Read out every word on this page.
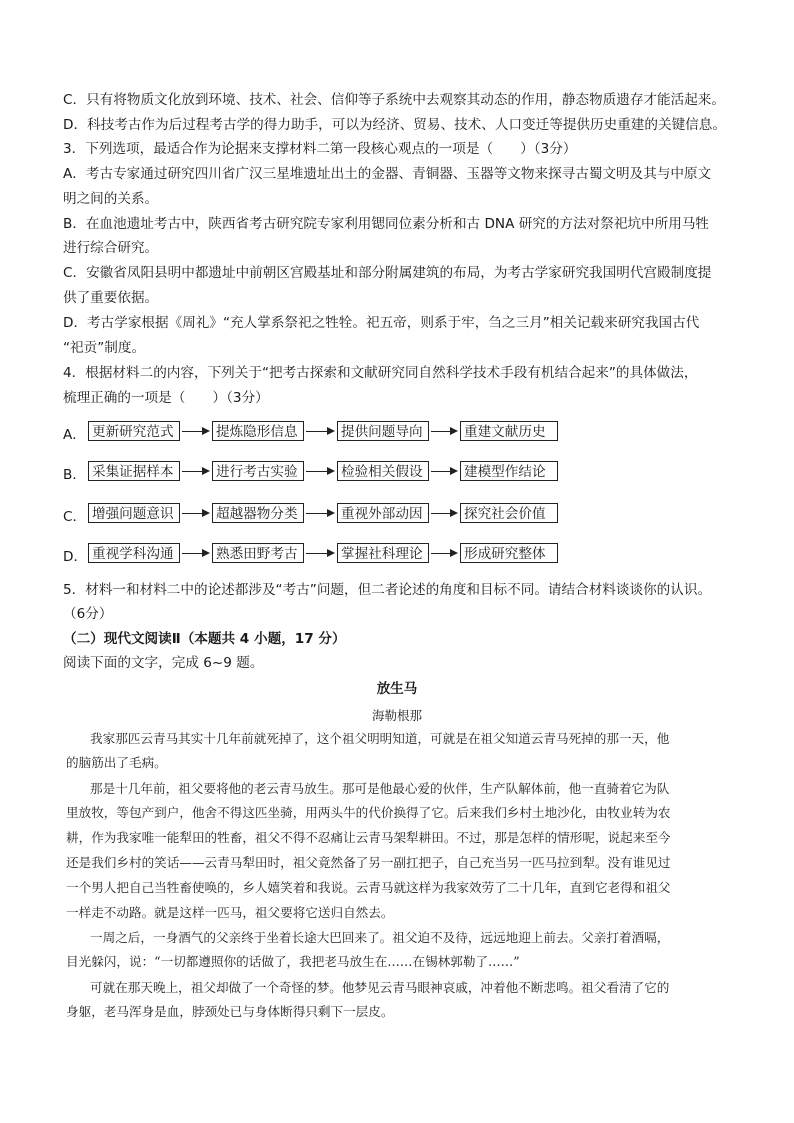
C．只有将物质文化放到环境、技术、社会、信仰等子系统中去观察其动态的作用，静态物质遗存才能活起来。
D．科技考古作为后过程考古学的得力助手，可以为经济、贸易、技术、人口变迁等提供历史重建的关键信息。
3．下列选项，最适合作为论据来支撑材料二第一段核心观点的一项是（　　）（3分）
A．考古专家通过研究四川省广汉三星堆遗址出土的金器、青铜器、玉器等文物来探寻古蜀文明及其与中原文
明之间的关系。
B．在血池遗址考古中，陕西省考古研究院专家利用锶同位素分析和古 DNA 研究的方法对祭祀坑中所用马牲
进行综合研究。
C．安徽省凤阳县明中都遗址中前朝区宫殿基址和部分附属建筑的布局，为考古学家研究我国明代宫殿制度提
供了重要依据。
D．考古学家根据《周礼》“充人掌系祭祀之牲牷。祀五帝，则系于牢，刍之三月”相关记载来研究我国古代
“祀贡”制度。
4．根据材料二的内容，下列关于“把考古探索和文献研究同自然科学技术手段有机结合起来”的具体做法，
梳理正确的一项是（　　）（3分）
A． 更新研究范式	提炼隐形信息	提供问题导向	重建文献历史
B． 采集证据样本	进行考古实验	检验相关假设	建模型作结论
C． 增强问题意识	超越器物分类	重视外部动因	探究社会价值
D． 重视学科沟通	熟悉田野考古	掌握社科理论	形成研究整体
5．材料一和材料二中的论述都涉及“考古”问题，但二者论述的角度和目标不同。请结合材料谈谈你的认识。
（6分）
（二）现代文阅读Ⅱ（本题共 4 小题，17 分）
阅读下面的文字，完成 6~9 题。
放生马
海勒根那
我家那匹云青马其实十几年前就死掉了，这个祖父明明知道，可就是在祖父知道云青马死掉的那一天，他
的脑筋出了毛病。
那是十几年前，祖父要将他的老云青马放生。那可是他最心爱的伙伴，生产队解体前，他一直骑着它为队
里放牧，等包产到户，他舍不得这匹坐骑，用两头牛的代价换得了它。后来我们乡村土地沙化，由牧业转为农
耕，作为我家唯一能犁田的牲畜，祖父不得不忍痛让云青马架犁耕田。不过，那是怎样的情形呢，说起来至今
还是我们乡村的笑话——云青马犁田时，祖父竟然备了另一副扛把子，自己充当另一匹马拉到犁。没有谁见过
一个男人把自己当牲畜使唤的，乡人嬉笑着和我说。云青马就这样为我家效劳了二十几年，直到它老得和祖父
一样走不动路。就是这样一匹马，祖父要将它送归自然去。
一周之后，一身酒气的父亲终于坐着长途大巴回来了。祖父迫不及待，远远地迎上前去。父亲打着酒嗝，
目光躲闪，说：“一切都遵照你的话做了，我把老马放生在……在锡林郭勒了……”
可就在那天晚上，祖父却做了一个奇怪的梦。他梦见云青马眼神哀戚，冲着他不断悲鸣。祖父看清了它的
身躯，老马浑身是血，脖颈处已与身体断得只剩下一层皮。
